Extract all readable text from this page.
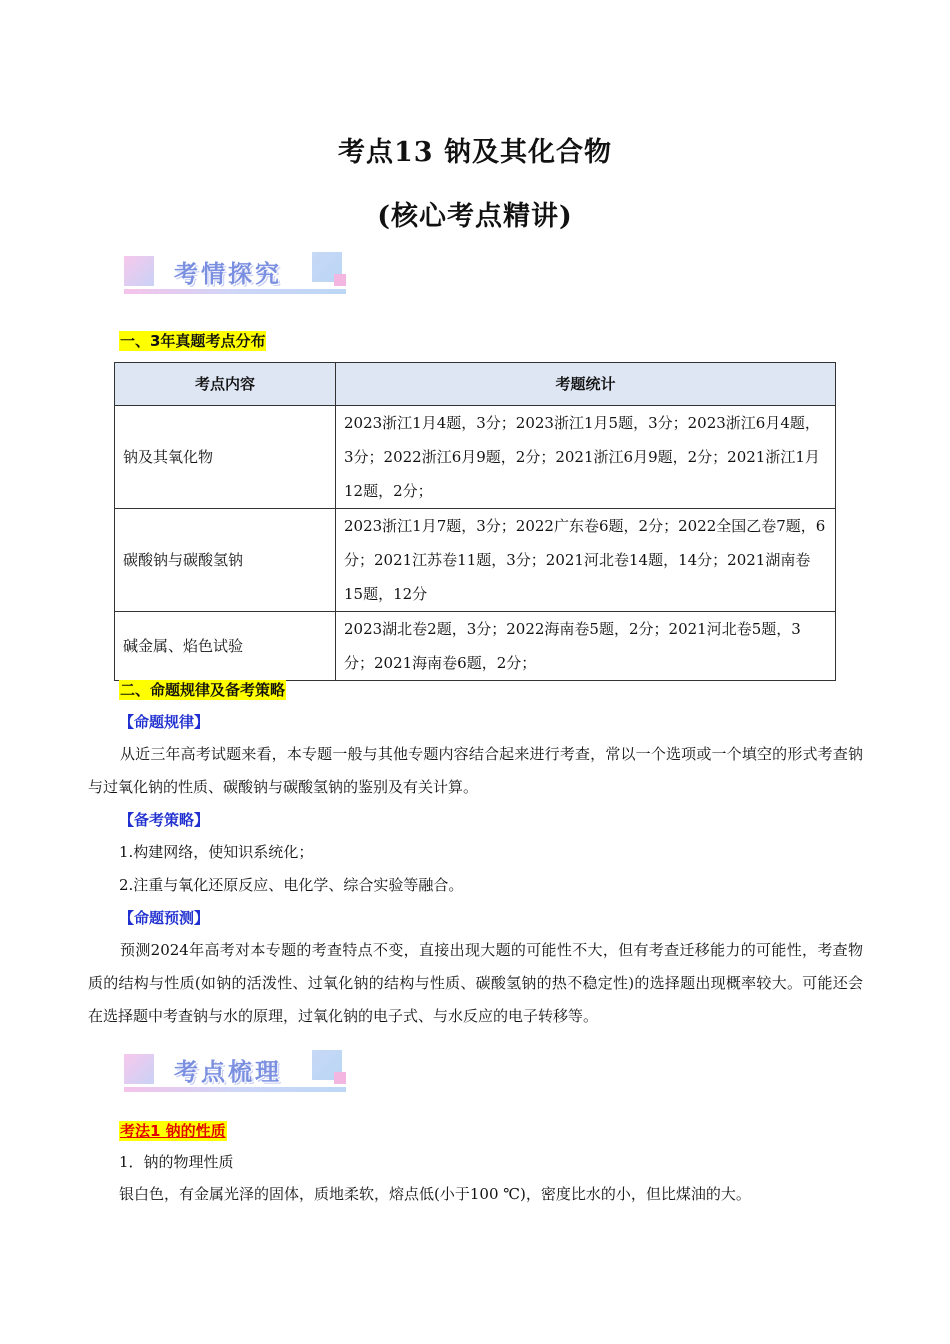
考点13 钠及其化合物
(核心考点精讲)
考情探究
一、3年真题考点分布
考点内容	考题统计
钠及其氧化物	2023浙江1月4题，3分；2023浙江1月5题，3分；2023浙江6月4题，3分；2022浙江6月9题，2分；2021浙江6月9题，2分；2021浙江1月12题，2分；
碳酸钠与碳酸氢钠	2023浙江1月7题，3分；2022广东卷6题，2分；2022全国乙卷7题，6分；2021江苏卷11题，3分；2021河北卷14题，14分；2021湖南卷15题，12分
碱金属、焰色试验	2023湖北卷2题，3分；2022海南卷5题，2分；2021河北卷5题，3分；2021海南卷6题，2分；
二、命题规律及备考策略
【命题规律】

从近三年高考试题来看，本专题一般与其他专题内容结合起来进行考查，常以一个选项或一个填空的形式考查钠与过氧化钠的性质、碳酸钠与碳酸氢钠的鉴别及有关计算。

【备考策略】
1.构建网络，使知识系统化；
2.注重与氧化还原反应、电化学、综合实验等融合。
【命题预测】

预测2024年高考对本专题的考查特点不变，直接出现大题的可能性不大，但有考查迁移能力的可能性，考查物质的结构与性质(如钠的活泼性、过氧化钠的结构与性质、碳酸氢钠的热不稳定性)的选择题出现概率较大。可能还会在选择题中考查钠与水的原理，过氧化钠的电子式、与水反应的电子转移等。

考点梳理
考法1 钠的性质
1．钠的物理性质
银白色，有金属光泽的固体，质地柔软，熔点低(小于100 ℃)，密度比水的小，但比煤油的大。
